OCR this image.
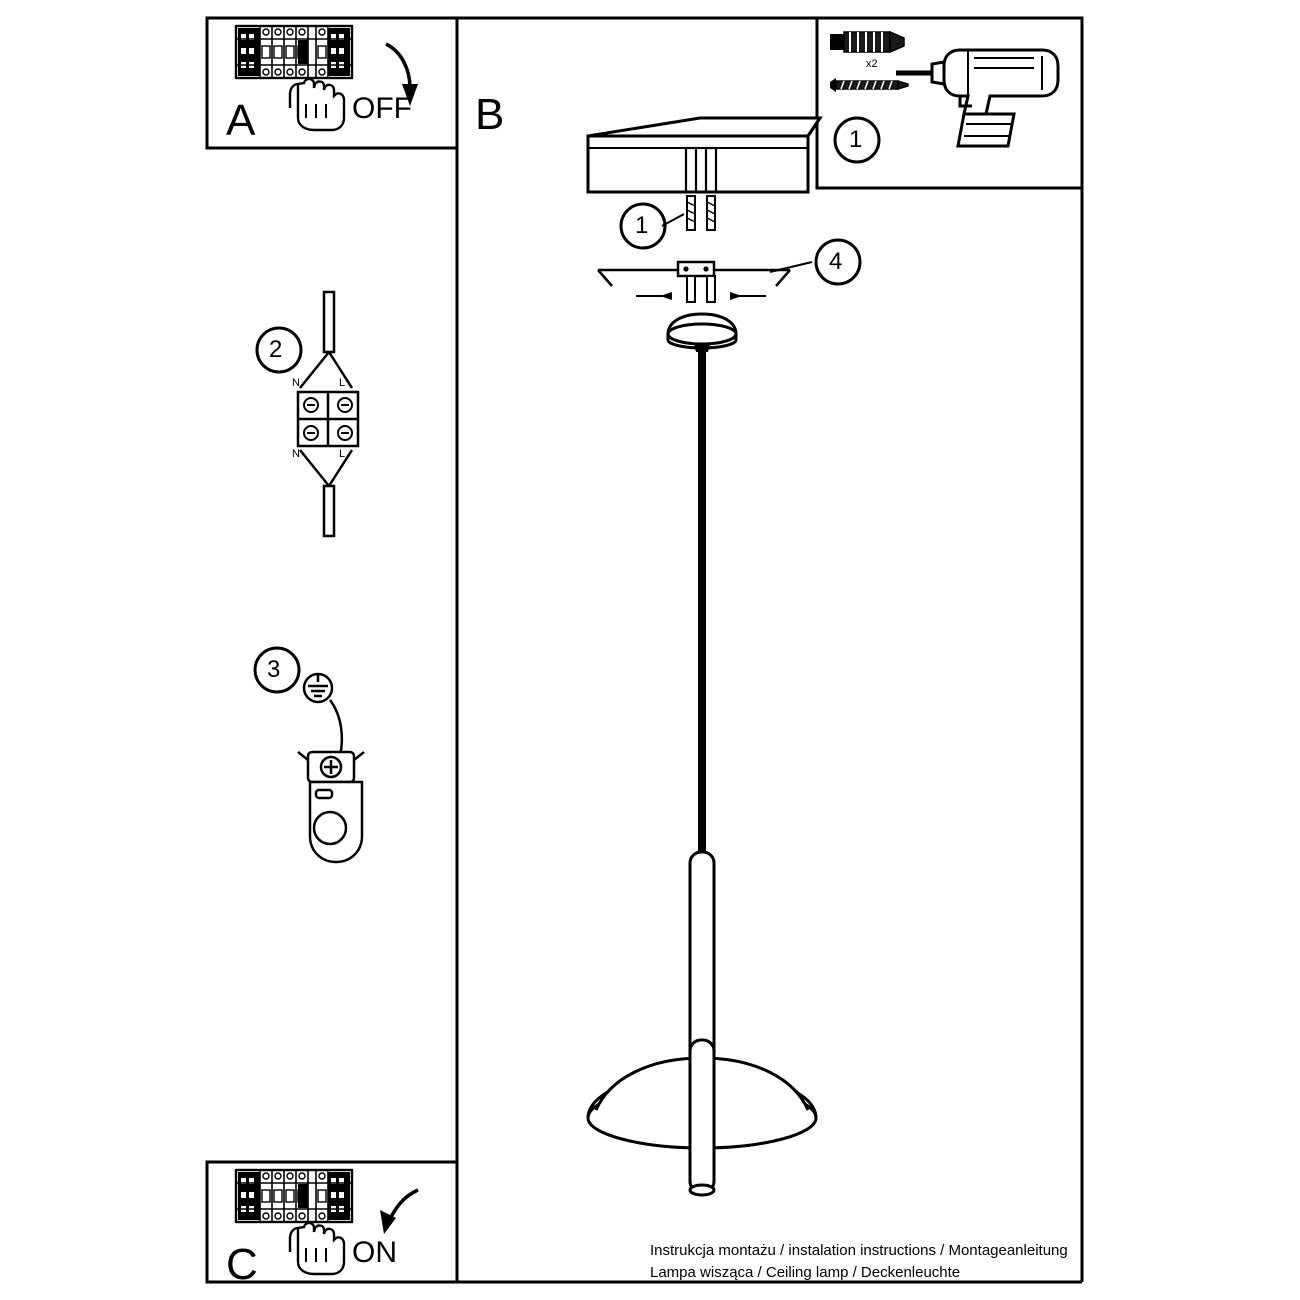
A	OFF B
C	ON
1
x2
1
4
2
3
N	L
N	L
Instrukcja montażu / instalation instructions / Montageanleitung
Lampa wisząca / Ceiling lamp / Deckenleuchte
